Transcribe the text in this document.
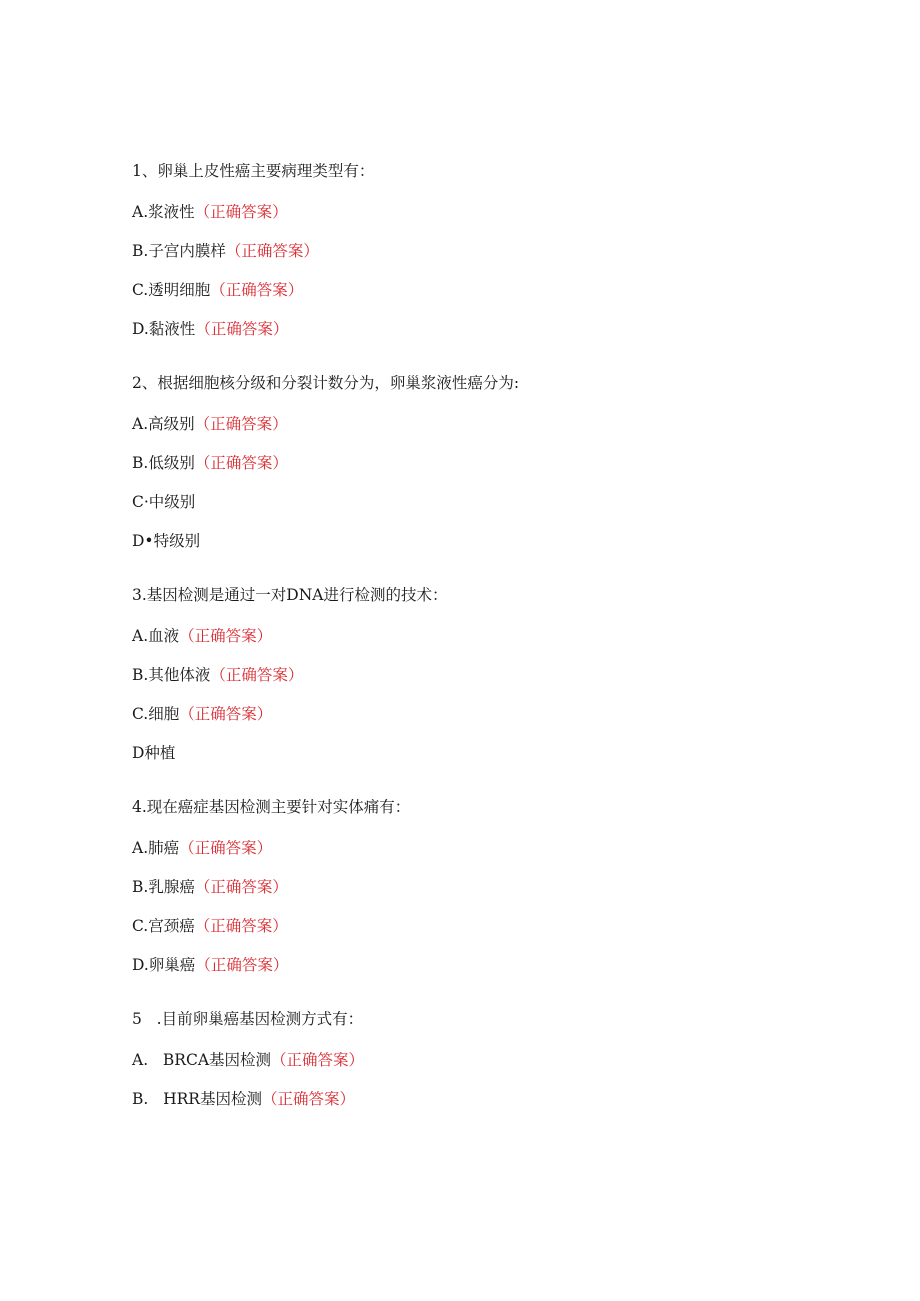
1、卵巢上皮性癌主要病理类型有：
A.浆液性（正确答案）
B.子宫内膜样（正确答案）
C.透明细胞（正确答案）
D.黏液性（正确答案）
2、根据细胞核分级和分裂计数分为，卵巢浆液性癌分为:
A.高级别（正确答案）
B.低级别（正确答案）
C·中级别
D•特级别
3.基因检测是通过一对DNA进行检测的技术：
A.血液（正确答案）
B.其他体液（正确答案）
C.细胞（正确答案）
D种植
4.现在癌症基因检测主要针对实体痛有：
A.肺癌（正确答案）
B.乳腺癌（正确答案）
C.宫颈癌（正确答案）
D.卵巢癌（正确答案）
5   .目前卵巢癌基因检测方式有：
A.   BRCA基因检测（正确答案）
B.   HRR基因检测（正确答案）
